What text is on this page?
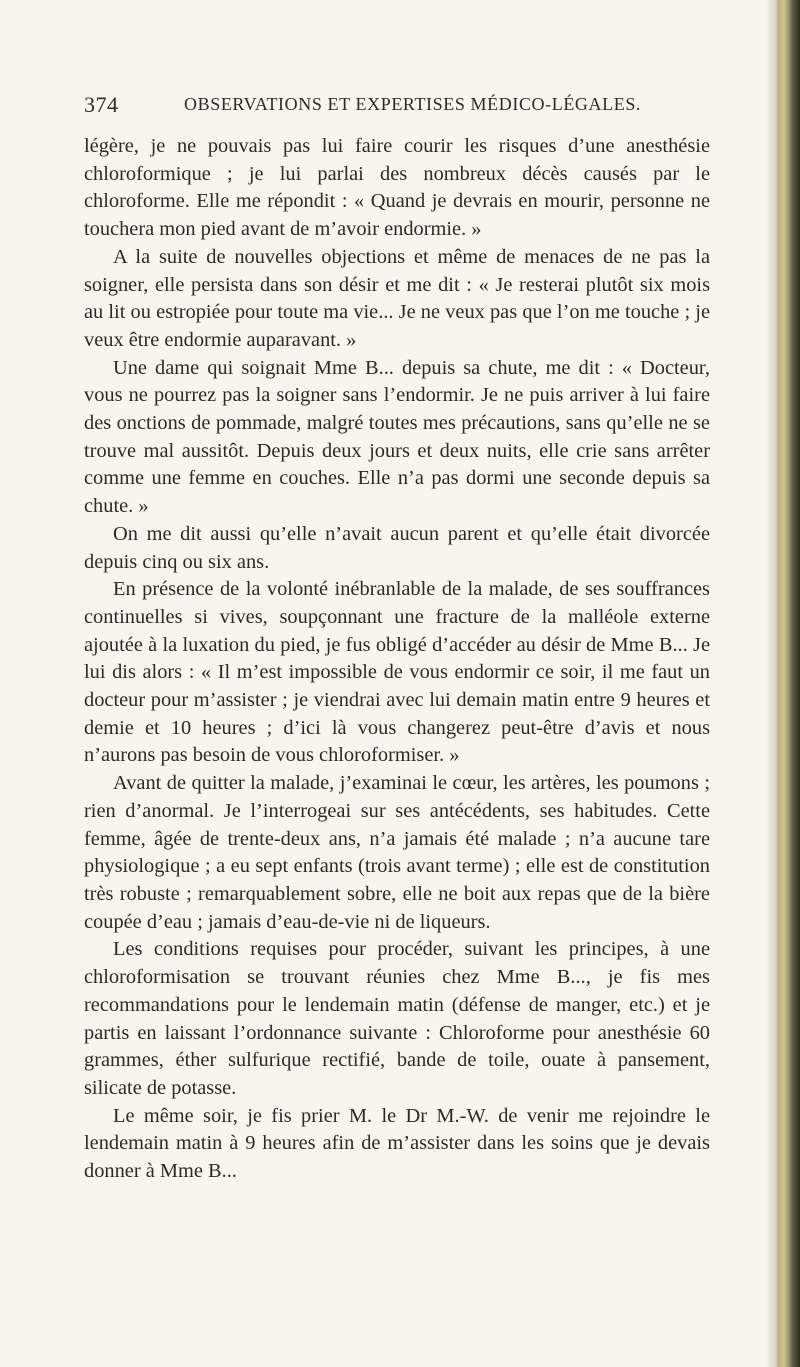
374	OBSERVATIONS ET EXPERTISES MÉDICO-LÉGALES.

légère, je ne pouvais pas lui faire courir les risques d’une anesthésie chloroformique ; je lui parlai des nombreux décès causés par le chloroforme. Elle me répondit : « Quand je devrais en mourir, personne ne touchera mon pied avant de m’avoir endormie. »

A la suite de nouvelles objections et même de menaces de ne pas la soigner, elle persista dans son désir et me dit : « Je resterai plutôt six mois au lit ou estropiée pour toute ma vie... Je ne veux pas que l’on me touche ; je veux être endormie auparavant. »

Une dame qui soignait Mme B... depuis sa chute, me dit : « Docteur, vous ne pourrez pas la soigner sans l’endormir. Je ne puis arriver à lui faire des onctions de pommade, malgré toutes mes précautions, sans qu’elle ne se trouve mal aussitôt. Depuis deux jours et deux nuits, elle crie sans arrêter comme une femme en couches. Elle n’a pas dormi une seconde depuis sa chute. »

On me dit aussi qu’elle n’avait aucun parent et qu’elle était divorcée depuis cinq ou six ans.

En présence de la volonté inébranlable de la malade, de ses souffrances continuelles si vives, soupçonnant une fracture de la malléole externe ajoutée à la luxation du pied, je fus obligé d’accéder au désir de Mme B... Je lui dis alors : « Il m’est impossible de vous endormir ce soir, il me faut un docteur pour m’assister ; je viendrai avec lui demain matin entre 9 heures et demie et 10 heures ; d’ici là vous changerez peut-être d’avis et nous n’aurons pas besoin de vous chloroformiser. »

Avant de quitter la malade, j’examinai le cœur, les artères, les poumons ; rien d’anormal. Je l’interrogeai sur ses antécédents, ses habitudes. Cette femme, âgée de trente-deux ans, n’a jamais été malade ; n’a aucune tare physiologique ; a eu sept enfants (trois avant terme) ; elle est de constitution très robuste ; remarquablement sobre, elle ne boit aux repas que de la bière coupée d’eau ; jamais d’eau-de-vie ni de liqueurs.

Les conditions requises pour procéder, suivant les principes, à une chloroformisation se trouvant réunies chez Mme B..., je fis mes recommandations pour le lendemain matin (défense de manger, etc.) et je partis en laissant l’ordonnance suivante : Chloroforme pour anesthésie 60 grammes, éther sulfurique rectifié, bande de toile, ouate à pansement, silicate de potasse.

Le même soir, je fis prier M. le Dr M.-W. de venir me rejoindre le lendemain matin à 9 heures afin de m’assister dans les soins que je devais donner à Mme B...
